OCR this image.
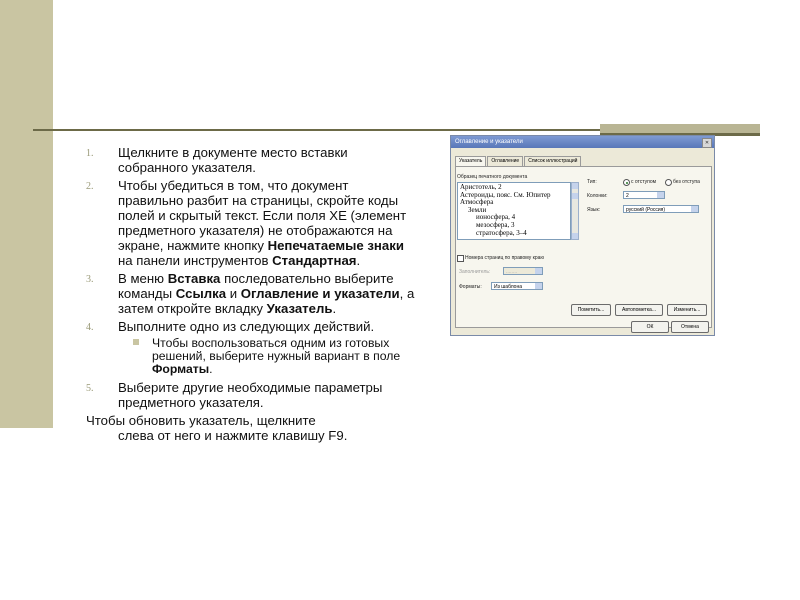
1. Щелкните в документе место вставки собранного указателя.
2. Чтобы убедиться в том, что документ правильно разбит на страницы, скройте коды полей и скрытый текст. Если поля XE (элемент предметного указателя) не отображаются на экране, нажмите кнопку Непечатаемые знаки на панели инструментов Стандартная.
3. В меню Вставка последовательно выберите команды Ссылка и Оглавление и указатели, а затем откройте вкладку Указатель.
4. Выполните одно из следующих действий.
Чтобы воспользоваться одним из готовых решений, выберите нужный вариант в поле Форматы.
5. Выберите другие необходимые параметры предметного указателя.
Чтобы обновить указатель, щелкните
слева от него и нажмите клавишу F9.
Оглавление и указатели	✕
Указатель	Оглавление	Список иллюстраций
Образец печатного документа
Аристотель, 2
Астероиды, пояс. См. Юпитер
Атмосфера
Земли
ионосфера, 4
мезосфера, 3
стратосфера, 3–4
Тип:	с отступом	без отступа
Колонки:	2
Язык:	русский (Россия)
Номера страниц по правому краю
Заполнитель:	........
Форматы:	Из шаблона
Пометить...	Автопометка...	Изменить...
ОК	Отмена
